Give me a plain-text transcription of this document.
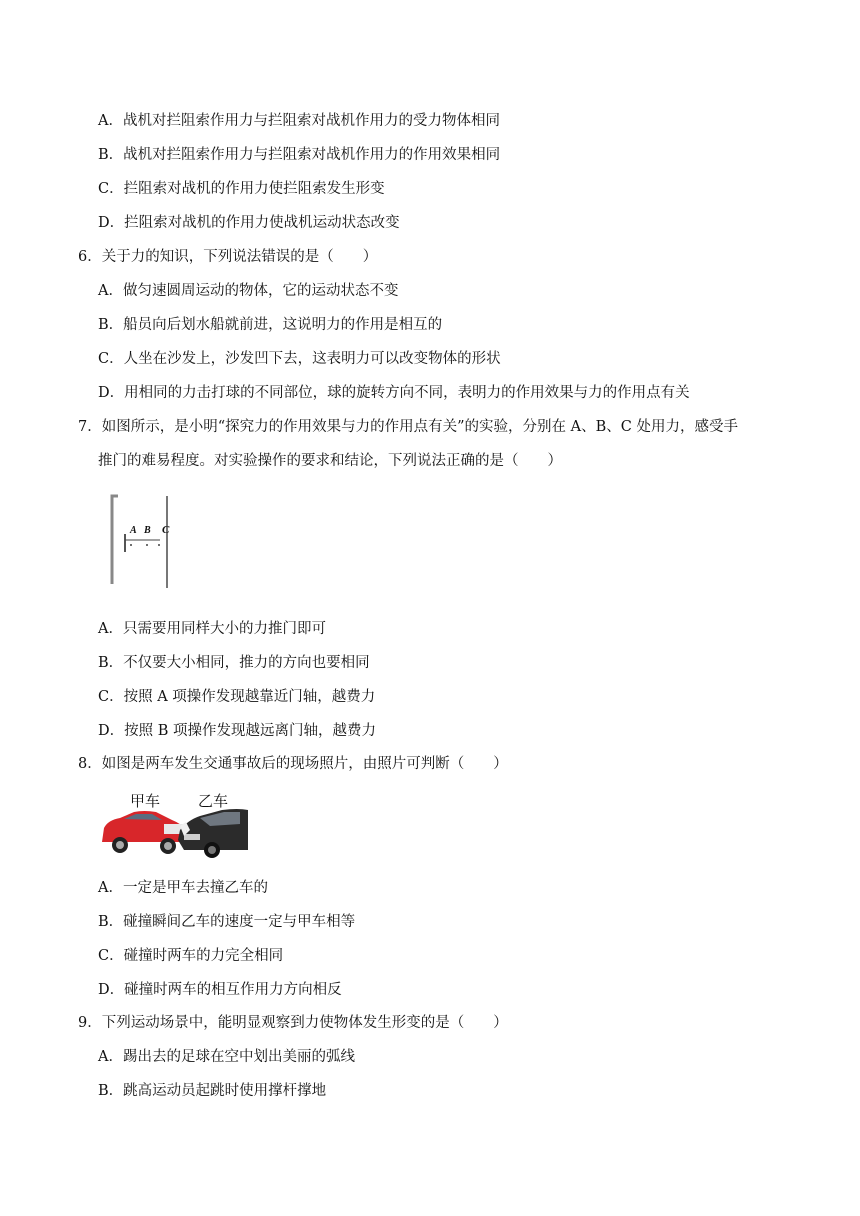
A．战机对拦阻索作用力与拦阻索对战机作用力的受力物体相同
B．战机对拦阻索作用力与拦阻索对战机作用力的作用效果相同
C．拦阻索对战机的作用力使拦阻索发生形变
D．拦阻索对战机的作用力使战机运动状态改变
6．关于力的知识，下列说法错误的是（　　）
A．做匀速圆周运动的物体，它的运动状态不变
B．船员向后划水船就前进，这说明力的作用是相互的
C．人坐在沙发上，沙发凹下去，这表明力可以改变物体的形状
D．用相同的力击打球的不同部位，球的旋转方向不同，表明力的作用效果与力的作用点有关
7．如图所示，是小明“探究力的作用效果与力的作用点有关”的实验，分别在 A、B、C 处用力，感受手
推门的难易程度。对实验操作的要求和结论，下列说法正确的是（　　）
A B C
A．只需要用同样大小的力推门即可
B．不仅要大小相同，推力的方向也要相同
C．按照 A 项操作发现越靠近门轴，越费力
D．按照 B 项操作发现越远离门轴，越费力
8．如图是两车发生交通事故后的现场照片，由照片可判断（　　）
甲车	乙车
A．一定是甲车去撞乙车的
B．碰撞瞬间乙车的速度一定与甲车相等
C．碰撞时两车的力完全相同
D．碰撞时两车的相互作用力方向相反
9．下列运动场景中，能明显观察到力使物体发生形变的是（　　）
A．踢出去的足球在空中划出美丽的弧线
B．跳高运动员起跳时使用撑杆撑地
